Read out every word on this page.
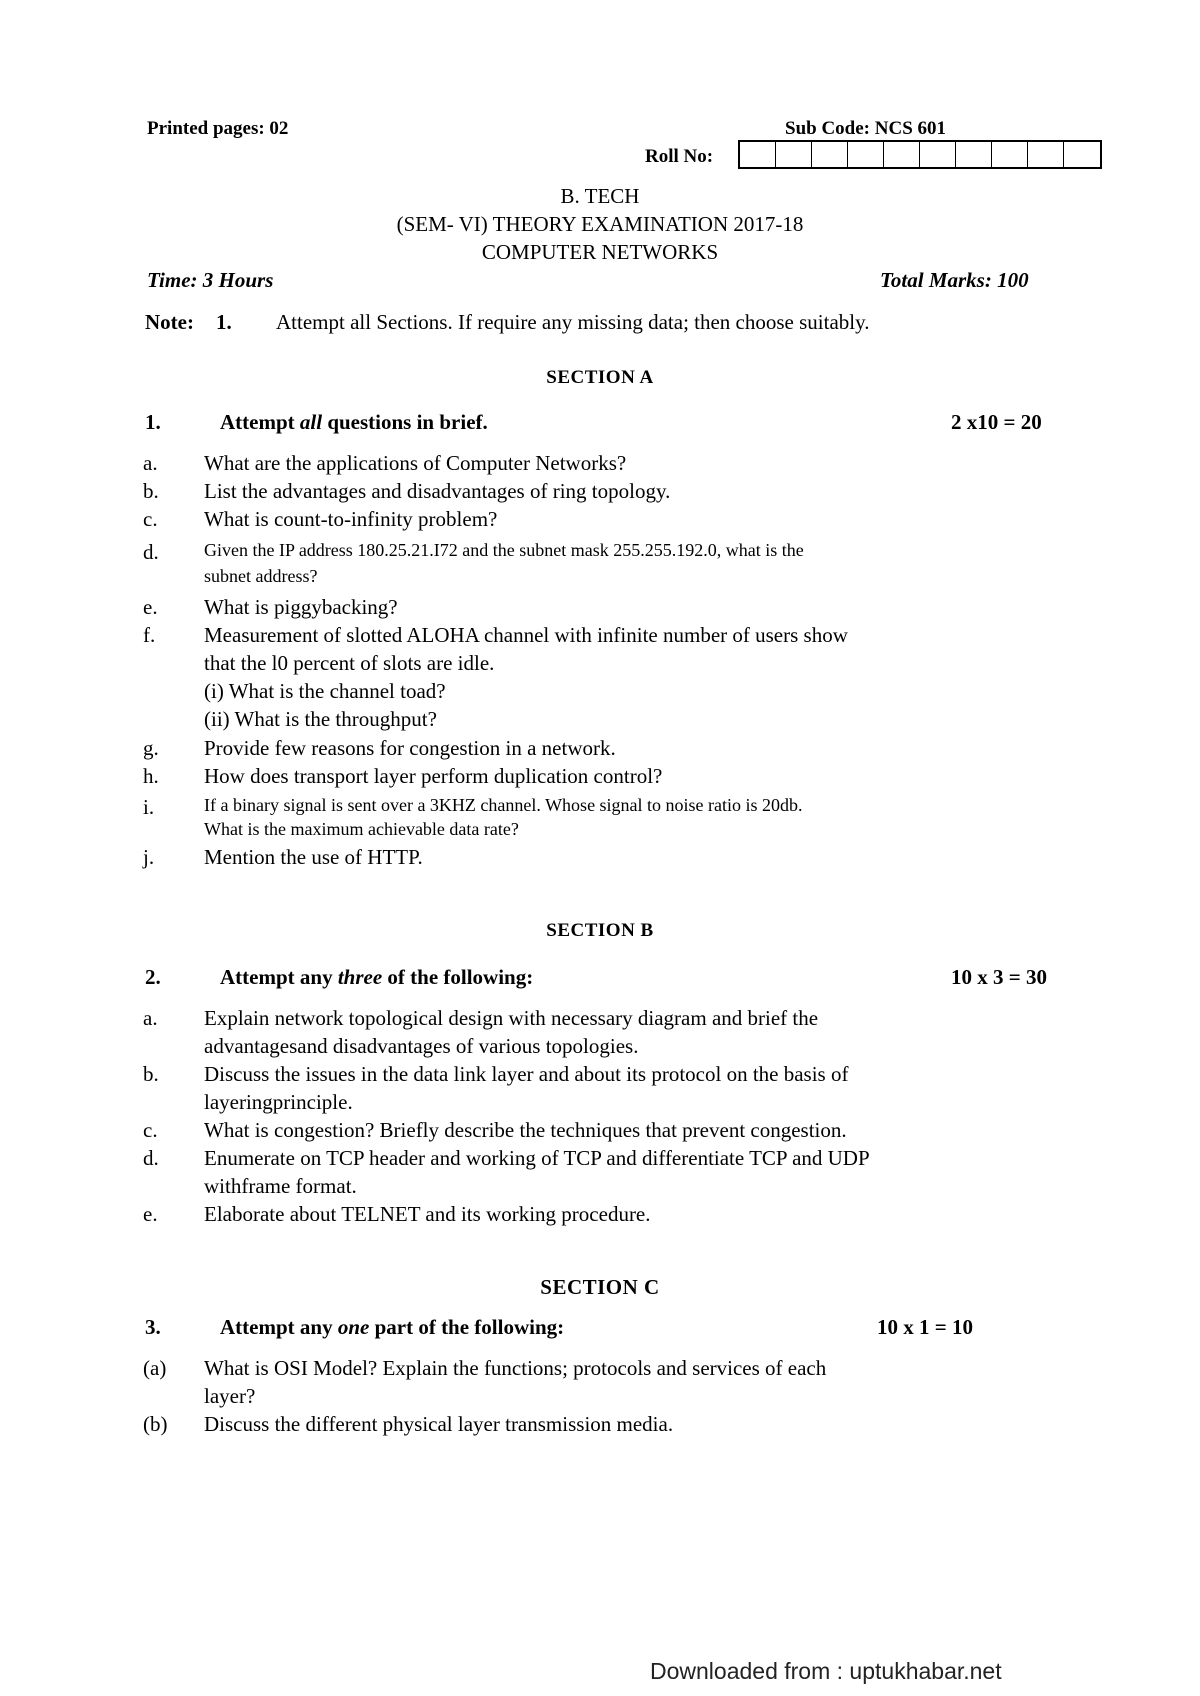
Printed pages: 02	Sub Code: NCS 601
Roll No:
B. TECH
(SEM- VI) THEORY EXAMINATION 2017-18
COMPUTER NETWORKS
Time: 3 Hours	Total Marks: 100
Note: 1. Attempt all Sections. If require any missing data; then choose suitably.
SECTION A
1.	Attempt all questions in brief.	2 x10 = 20
a. What are the applications of Computer Networks?
b. List the advantages and disadvantages of ring topology.
c. What is count-to-infinity problem?
d.	Given the IP address 180.25.21.I72 and the subnet mask 255.255.192.0, what is the
subnet address?
e. What is piggybacking?
f. Measurement of slotted ALOHA channel with infinite number of users show
that the l0 percent of slots are idle.
(i) What is the channel toad?
(ii) What is the throughput?
g. Provide few reasons for congestion in a network.
h. How does transport layer perform duplication control?
i.	If a binary signal is sent over a 3KHZ channel. Whose signal to noise ratio is 20db.
What is the maximum achievable data rate?
j. Mention the use of HTTP.
SECTION B
2.	Attempt any three of the following:	10 x 3 = 30
a. Explain network topological design with necessary diagram and brief the
advantagesand disadvantages of various topologies.
b. Discuss the issues in the data link layer and about its protocol on the basis of
layeringprinciple.
c. What is congestion? Briefly describe the techniques that prevent congestion.
d. Enumerate on TCP header and working of TCP and differentiate TCP and UDP
withframe format.
e. Elaborate about TELNET and its working procedure.
SECTION C
3.	Attempt any one part of the following:	10 x 1 = 10
(a) What is OSI Model? Explain the functions; protocols and services of each
layer?
(b) Discuss the different physical layer transmission media.
Downloaded from : uptukhabar.net
